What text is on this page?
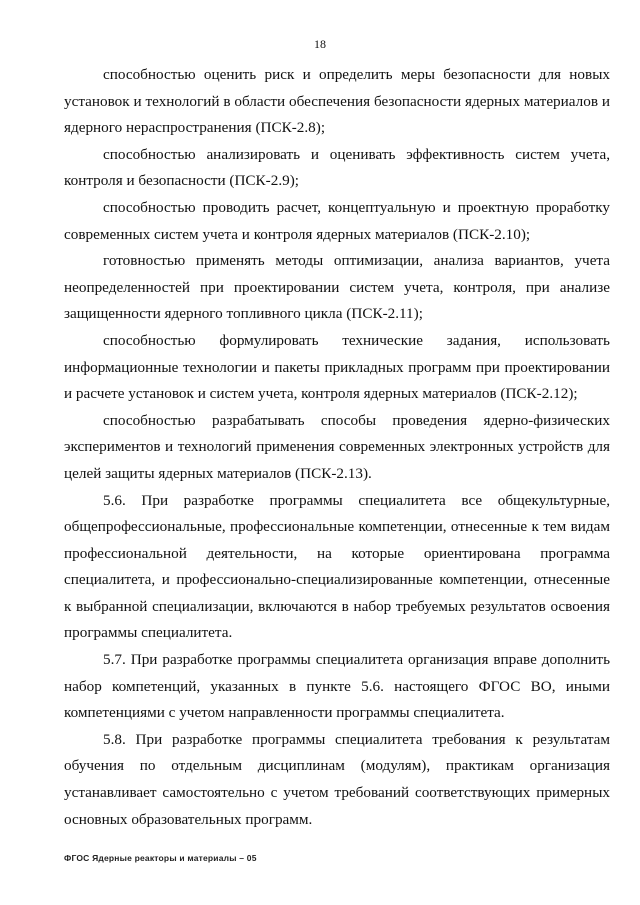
18

способностью оценить риск и определить меры безопасности для новых установок и технологий в области обеспечения безопасности ядерных материалов и ядерного нераспространения (ПСК-2.8);

способностью анализировать и оценивать эффективность систем учета, контроля и безопасности (ПСК-2.9);

способностью проводить расчет, концептуальную и проектную проработку современных систем учета и контроля ядерных материалов (ПСК-2.10);

готовностью применять методы оптимизации, анализа вариантов, учета неопределенностей при проектировании систем учета, контроля, при анализе защищенности ядерного топливного цикла (ПСК-2.11);

способностью формулировать технические задания, использовать информационные технологии и пакеты прикладных программ при проектировании и расчете установок и систем учета, контроля ядерных материалов (ПСК-2.12);

способностью разрабатывать способы проведения ядерно-физических экспериментов и технологий применения современных электронных устройств для целей защиты ядерных материалов (ПСК-2.13).

5.6. При разработке программы специалитета все общекультурные, общепрофессиональные, профессиональные компетенции, отнесенные к тем видам профессиональной деятельности, на которые ориентирована программа специалитета, и профессионально-специализированные компетенции, отнесенные к выбранной специализации, включаются в набор требуемых результатов освоения программы специалитета.

5.7. При разработке программы специалитета организация вправе дополнить набор компетенций, указанных в пункте 5.6. настоящего ФГОС ВО, иными компетенциями с учетом направленности программы специалитета.

5.8. При разработке программы специалитета требования к результатам обучения по отдельным дисциплинам (модулям), практикам организация устанавливает самостоятельно с учетом требований соответствующих примерных основных образовательных программ.

ФГОС Ядерные реакторы и материалы – 05
